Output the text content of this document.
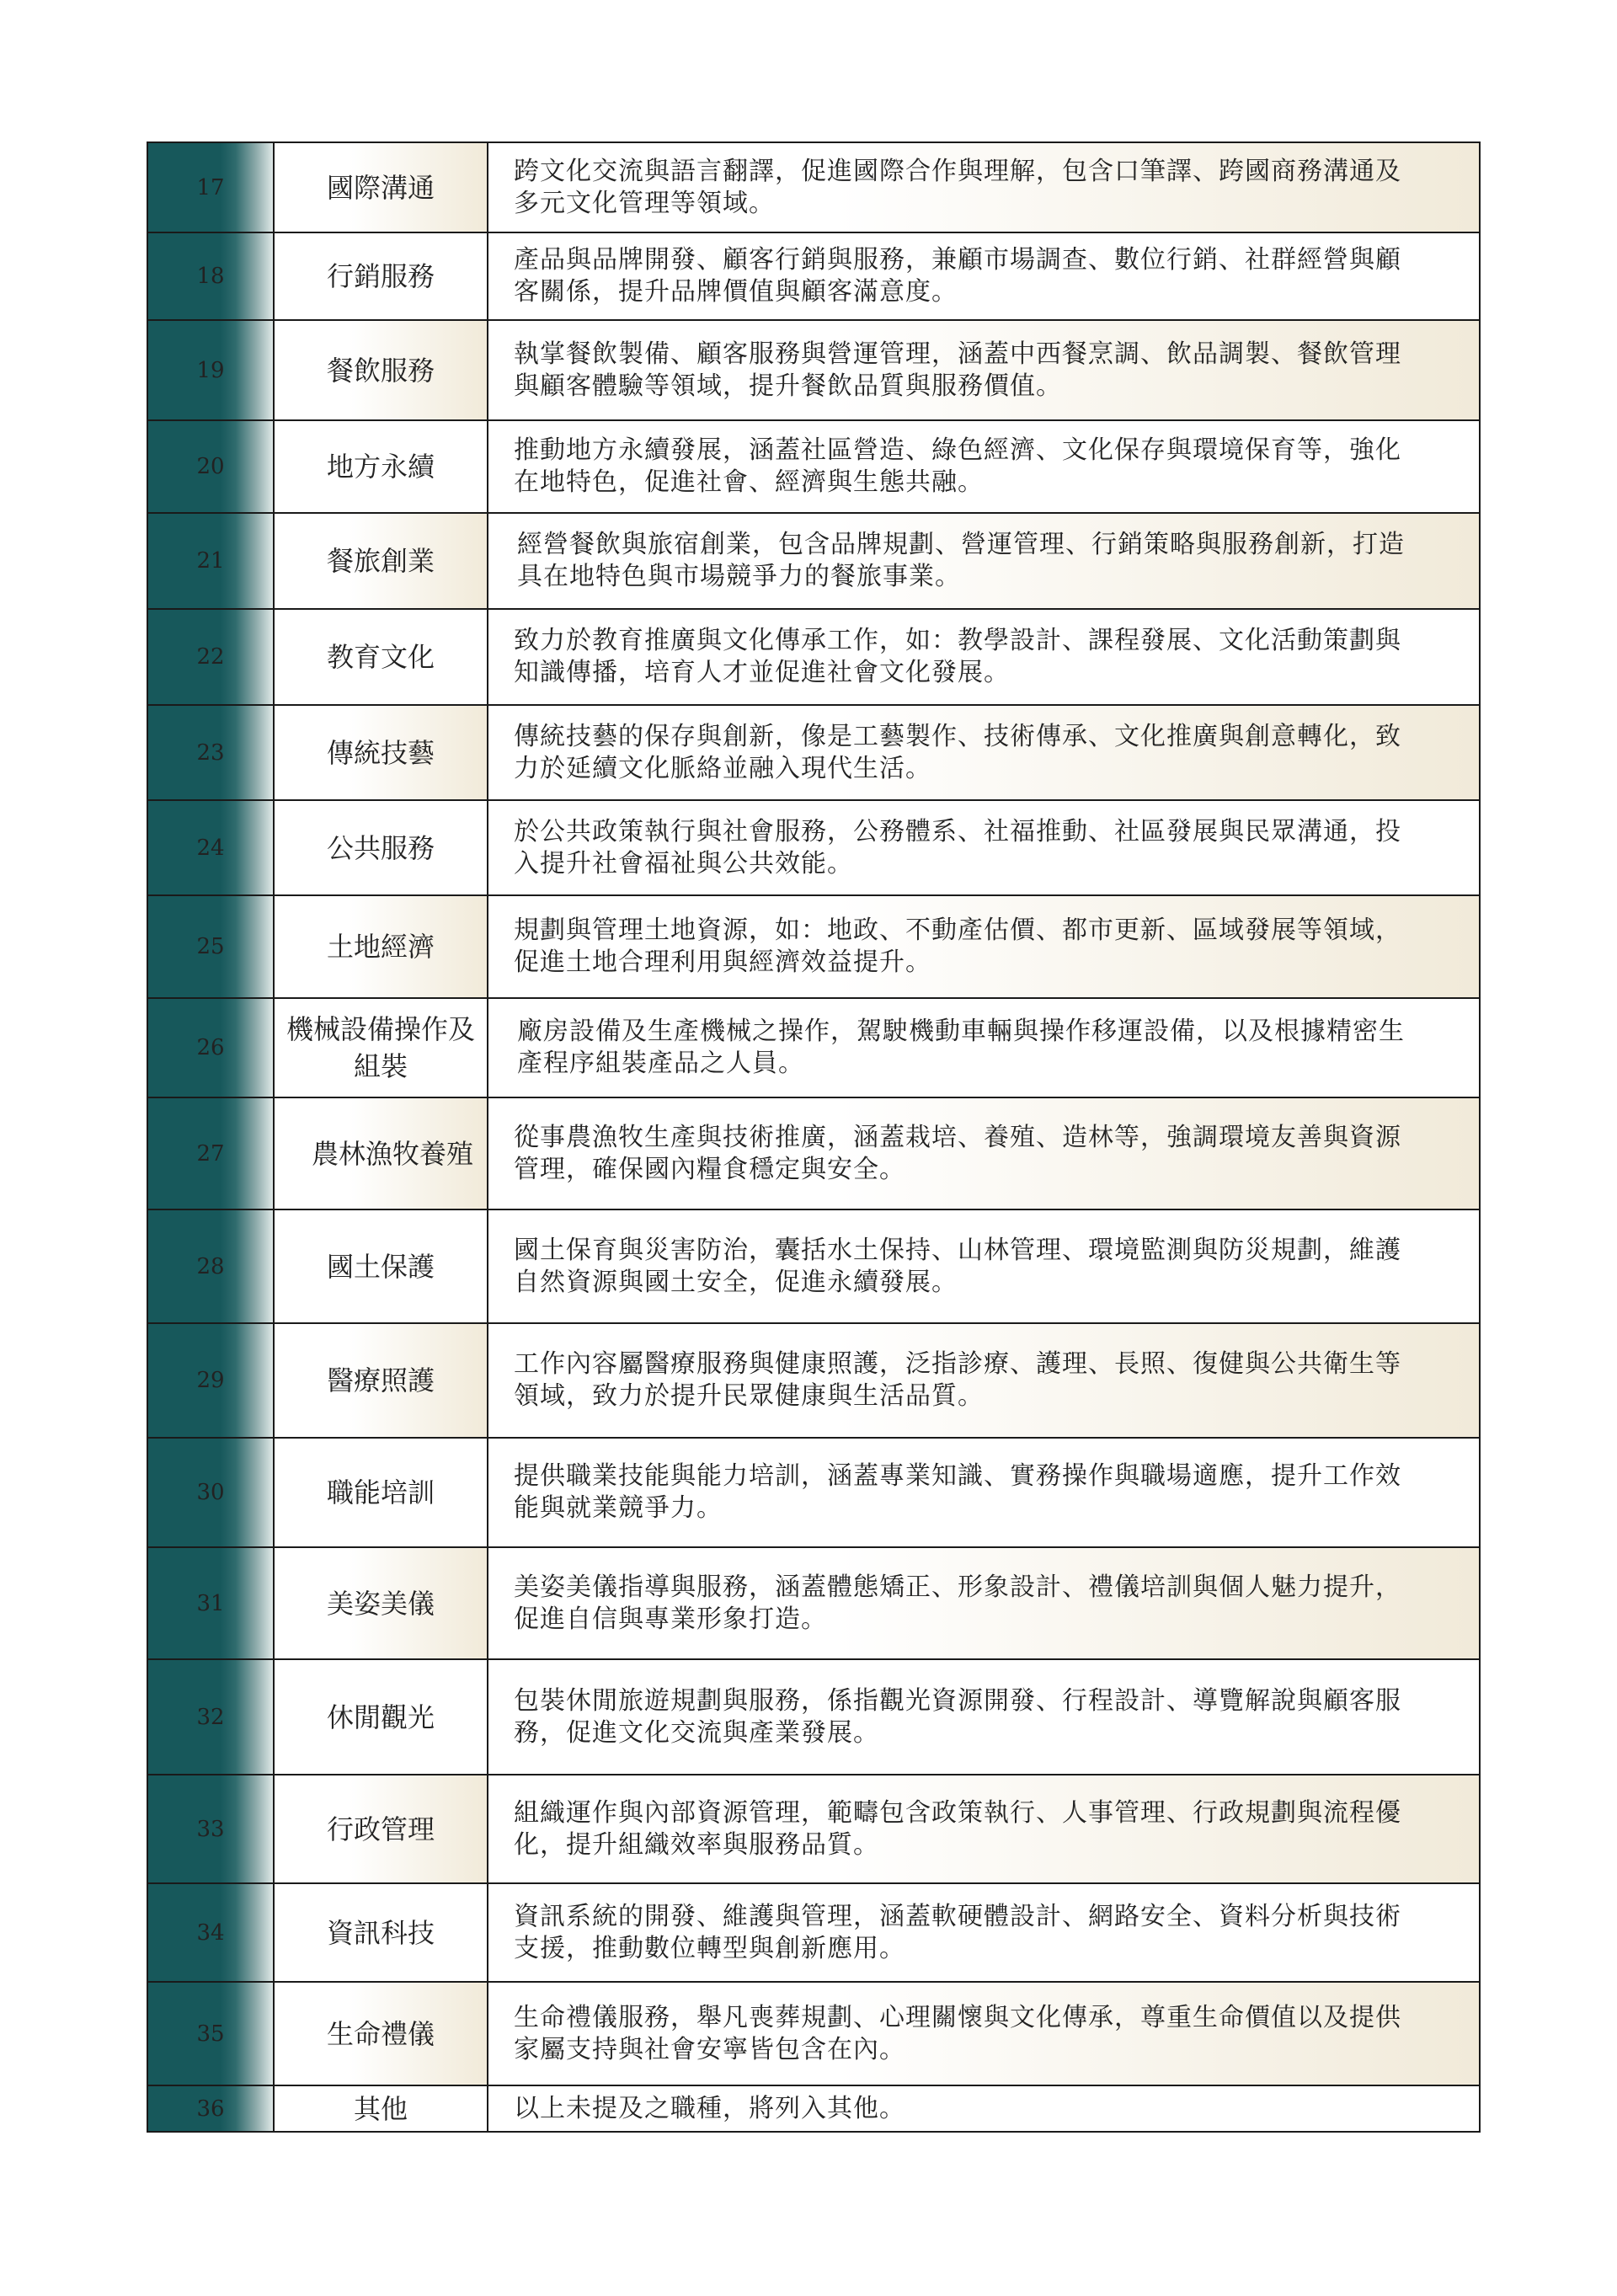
17	國際溝通	跨文化交流與語言翻譯，促進國際合作與理解，包含口筆譯、跨國商務溝通及多元文化管理等領域。
18	行銷服務	產品與品牌開發、顧客行銷與服務，兼顧市場調查、數位行銷、社群經營與顧客關係，提升品牌價值與顧客滿意度。
19	餐飲服務	執掌餐飲製備、顧客服務與營運管理，涵蓋中西餐烹調、飲品調製、餐飲管理與顧客體驗等領域，提升餐飲品質與服務價值。
20	地方永續	推動地方永續發展，涵蓋社區營造、綠色經濟、文化保存與環境保育等，強化在地特色，促進社會、經濟與生態共融。
21	餐旅創業	經營餐飲與旅宿創業，包含品牌規劃、營運管理、行銷策略與服務創新，打造具在地特色與市場競爭力的餐旅事業。
22	教育文化	致力於教育推廣與文化傳承工作，如：教學設計、課程發展、文化活動策劃與知識傳播，培育人才並促進社會文化發展。
23	傳統技藝	傳統技藝的保存與創新，像是工藝製作、技術傳承、文化推廣與創意轉化，致力於延續文化脈絡並融入現代生活。
24	公共服務	於公共政策執行與社會服務，公務體系、社福推動、社區發展與民眾溝通，投入提升社會福祉與公共效能。
25	土地經濟	規劃與管理土地資源，如：地政、不動產估價、都市更新、區域發展等領域，促進土地合理利用與經濟效益提升。
26	機械設備操作及組裝	廠房設備及生產機械之操作，駕駛機動車輛與操作移運設備，以及根據精密生產程序組裝產品之人員。
27	農林漁牧養殖	從事農漁牧生產與技術推廣，涵蓋栽培、養殖、造林等，強調環境友善與資源管理，確保國內糧食穩定與安全。
28	國土保護	國土保育與災害防治，囊括水土保持、山林管理、環境監測與防災規劃，維護自然資源與國土安全，促進永續發展。
29	醫療照護	工作內容屬醫療服務與健康照護，泛指診療、護理、長照、復健與公共衛生等領域，致力於提升民眾健康與生活品質。
30	職能培訓	提供職業技能與能力培訓，涵蓋專業知識、實務操作與職場適應，提升工作效能與就業競爭力。
31	美姿美儀	美姿美儀指導與服務，涵蓋體態矯正、形象設計、禮儀培訓與個人魅力提升，促進自信與專業形象打造。
32	休閒觀光	包裝休閒旅遊規劃與服務，係指觀光資源開發、行程設計、導覽解說與顧客服務，促進文化交流與產業發展。
33	行政管理	組織運作與內部資源管理，範疇包含政策執行、人事管理、行政規劃與流程優化，提升組織效率與服務品質。
34	資訊科技	資訊系統的開發、維護與管理，涵蓋軟硬體設計、網路安全、資料分析與技術支援，推動數位轉型與創新應用。
35	生命禮儀	生命禮儀服務，舉凡喪葬規劃、心理關懷與文化傳承，尊重生命價值以及提供家屬支持與社會安寧皆包含在內。
36	其他	以上未提及之職種，將列入其他。
